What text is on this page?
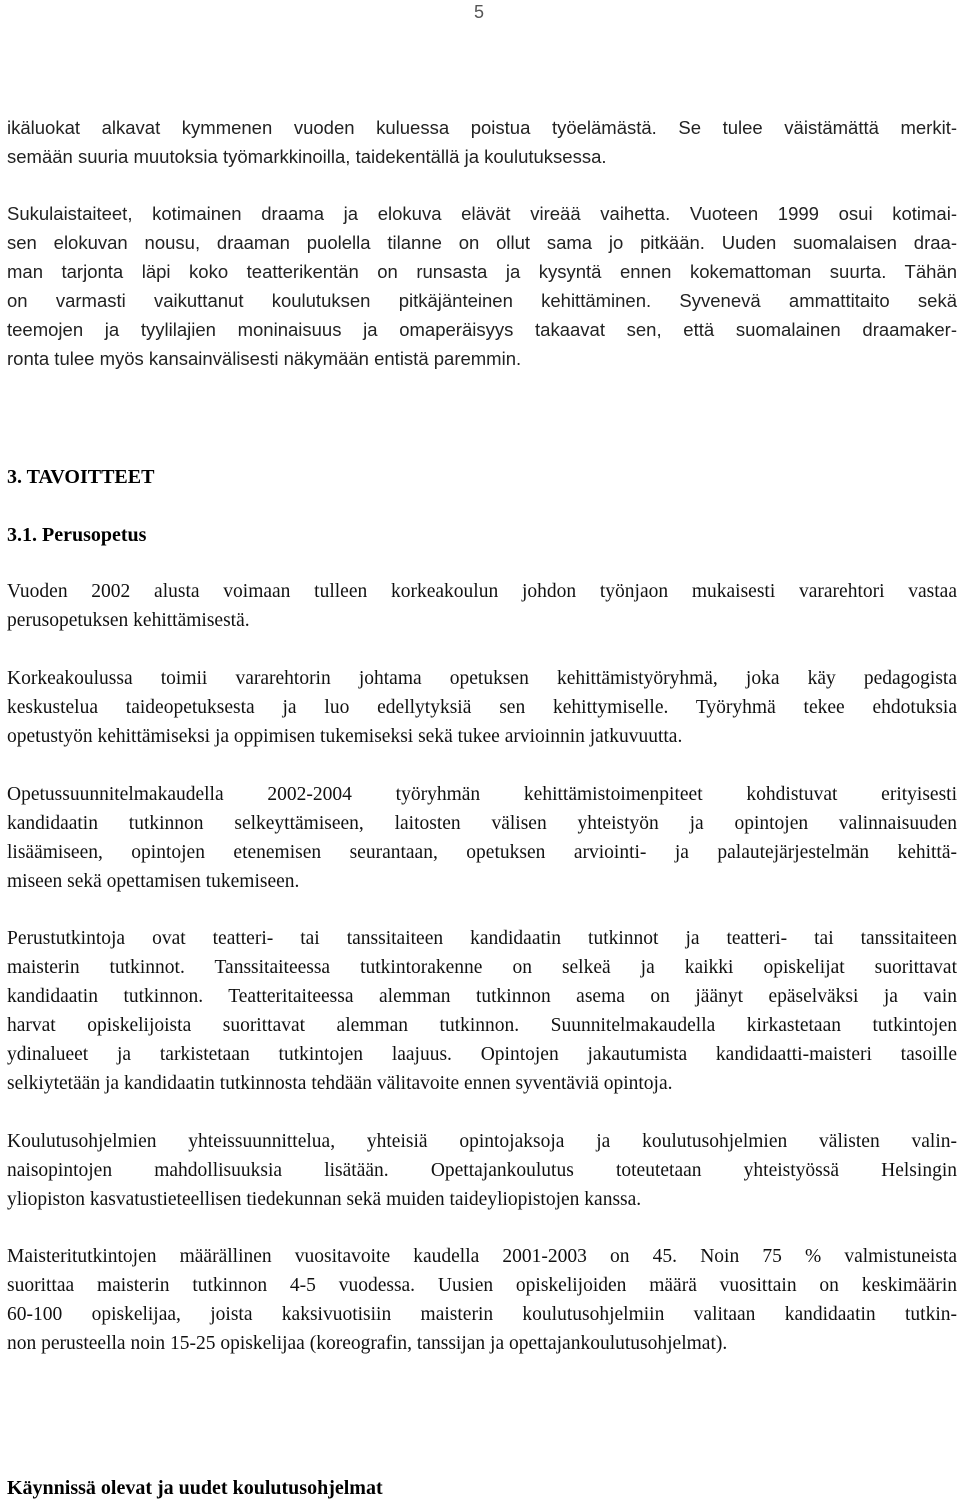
5
ikäluokat alkavat kymmenen vuoden kuluessa poistua työelämästä. Se tulee väistämättä merkit-
semään suuria muutoksia työmarkkinoilla, taidekentällä ja koulutuksessa.
Sukulaistaiteet, kotimainen draama ja elokuva elävät vireää vaihetta. Vuoteen 1999 osui kotimai-
sen elokuvan nousu, draaman puolella tilanne on ollut sama jo pitkään. Uuden suomalaisen draa-
man tarjonta läpi koko teatterikentän on runsasta ja kysyntä ennen kokemattoman suurta. Tähän
on varmasti vaikuttanut koulutuksen pitkäjänteinen kehittäminen. Syvenevä ammattitaito sekä
teemojen ja tyylilajien moninaisuus ja omaperäisyys takaavat sen, että suomalainen draamaker-
ronta tulee myös kansainvälisesti näkymään entistä paremmin.
3. TAVOITTEET
3.1. Perusopetus
Vuoden 2002 alusta voimaan tulleen korkeakoulun johdon työnjaon mukaisesti vararehtori vastaa
perusopetuksen kehittämisestä.
Korkeakoulussa toimii vararehtorin johtama opetuksen kehittämistyöryhmä, joka käy pedagogista
keskustelua taideopetuksesta ja luo edellytyksiä sen kehittymiselle. Työryhmä tekee ehdotuksia
opetustyön kehittämiseksi ja oppimisen tukemiseksi sekä tukee arvioinnin jatkuvuutta.
Opetussuunnitelmakaudella 2002-2004 työryhmän kehittämistoimenpiteet kohdistuvat erityisesti
kandidaatin tutkinnon selkeyttämiseen, laitosten välisen yhteistyön ja opintojen valinnaisuuden
lisäämiseen, opintojen etenemisen seurantaan, opetuksen arviointi- ja palautejärjestelmän kehittä-
miseen sekä opettamisen tukemiseen.
Perustutkintoja ovat teatteri- tai tanssitaiteen kandidaatin tutkinnot ja teatteri- tai tanssitaiteen
maisterin tutkinnot. Tanssitaiteessa tutkintorakenne on selkeä ja kaikki opiskelijat suorittavat
kandidaatin tutkinnon. Teatteritaiteessa alemman tutkinnon asema on jäänyt epäselväksi ja vain
harvat opiskelijoista suorittavat alemman tutkinnon. Suunnitelmakaudella kirkastetaan tutkintojen
ydinalueet ja tarkistetaan tutkintojen laajuus. Opintojen jakautumista kandidaatti-maisteri tasoille
selkiytetään ja kandidaatin tutkinnosta tehdään välitavoite ennen syventäviä opintoja.
Koulutusohjelmien yhteissuunnittelua, yhteisiä opintojaksoja ja koulutusohjelmien välisten valin-
naisopintojen mahdollisuuksia lisätään. Opettajankoulutus toteutetaan yhteistyössä Helsingin
yliopiston kasvatustieteellisen tiedekunnan sekä muiden taideyliopistojen kanssa.
Maisteritutkintojen määrällinen vuositavoite kaudella 2001-2003 on 45. Noin 75 % valmistuneista
suorittaa maisterin tutkinnon 4-5 vuodessa. Uusien opiskelijoiden määrä vuosittain on keskimäärin
60-100 opiskelijaa, joista kaksivuotisiin maisterin koulutusohjelmiin valitaan kandidaatin tutkin-
non perusteella noin 15-25 opiskelijaa (koreografin, tanssijan ja opettajankoulutusohjelmat).
Käynnissä olevat ja uudet koulutusohjelmat
